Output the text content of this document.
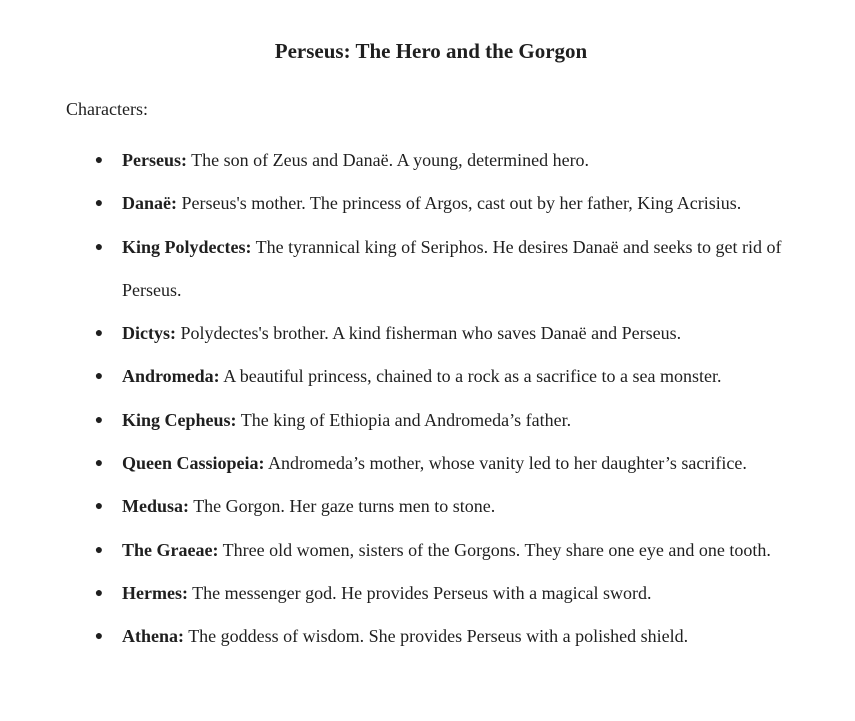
Perseus: The Hero and the Gorgon

Characters:

● Perseus: The son of Zeus and Danaë. A young, determined hero.
● Danaë: Perseus's mother. The princess of Argos, cast out by her father, King Acrisius.
● King Polydectes: The tyrannical king of Seriphos. He desires Danaë and seeks to get rid of Perseus.
● Dictys: Polydectes's brother. A kind fisherman who saves Danaë and Perseus.
● Andromeda: A beautiful princess, chained to a rock as a sacrifice to a sea monster.
● King Cepheus: The king of Ethiopia and Andromeda’s father.
● Queen Cassiopeia: Andromeda’s mother, whose vanity led to her daughter’s sacrifice.
● Medusa: The Gorgon. Her gaze turns men to stone.
● The Graeae: Three old women, sisters of the Gorgons. They share one eye and one tooth.
● Hermes: The messenger god. He provides Perseus with a magical sword.
● Athena: The goddess of wisdom. She provides Perseus with a polished shield.
